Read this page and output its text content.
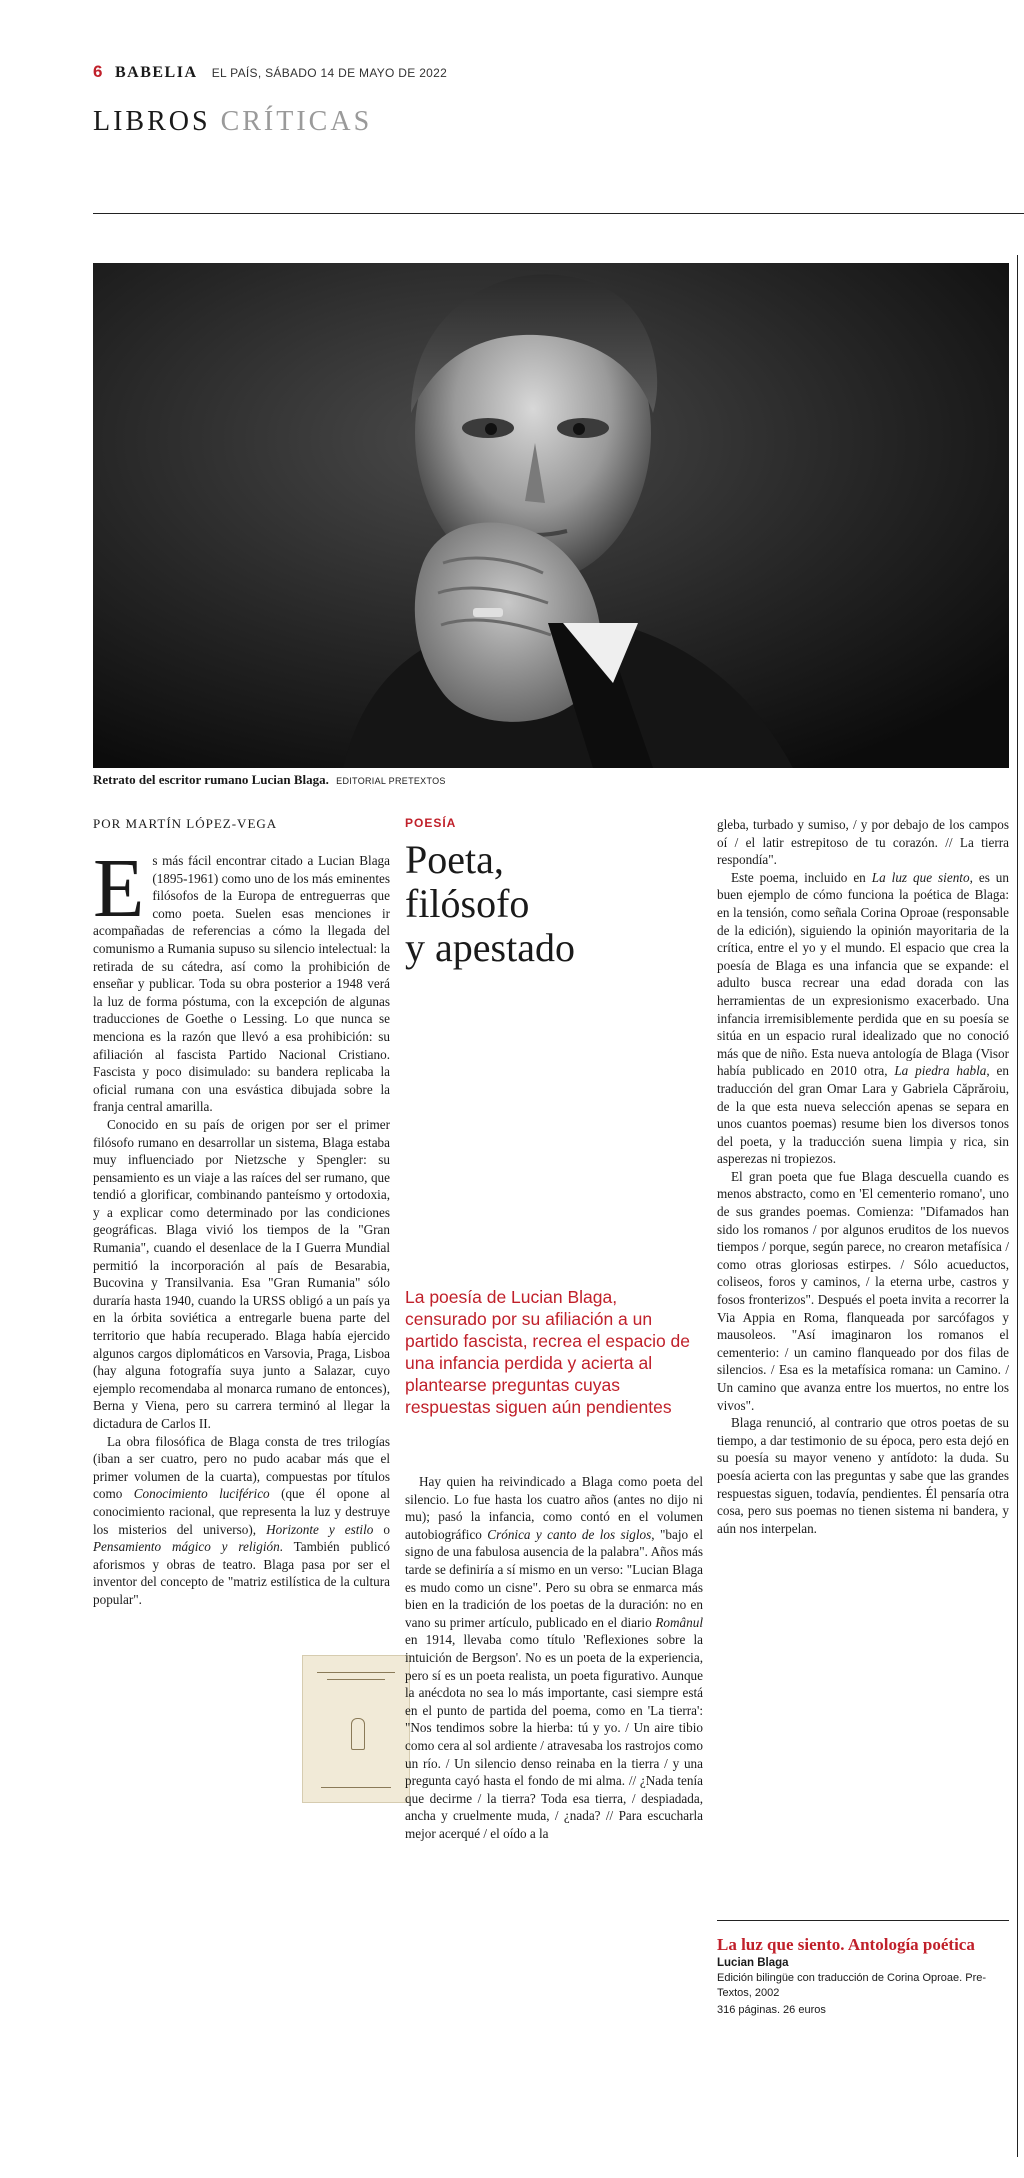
6 BABELIA EL PAÍS, SÁBADO 14 DE MAYO DE 2022
LIBROS CRÍTICAS
Retrato del escritor rumano Lucian Blaga. EDITORIAL PRETEXTOS
POR MARTÍN LÓPEZ-VEGA

Es más fácil encontrar citado a Lucian Blaga (1895-1961) como uno de los más eminentes filósofos de la Europa de entreguerras que como poeta. Suelen esas menciones ir acompañadas de referencias a cómo la llegada del comunismo a Rumania supuso su silencio intelectual: la retirada de su cátedra, así como la prohibición de enseñar y publicar. Toda su obra posterior a 1948 verá la luz de forma póstuma, con la excepción de algunas traducciones de Goethe o Lessing. Lo que nunca se menciona es la razón que llevó a esa prohibición: su afiliación al fascista Partido Nacional Cristiano. Fascista y poco disimulado: su bandera replicaba la oficial rumana con una esvástica dibujada sobre la franja central amarilla.

Conocido en su país de origen por ser el primer filósofo rumano en desarrollar un sistema, Blaga estaba muy influenciado por Nietzsche y Spengler: su pensamiento es un viaje a las raíces del ser rumano, que tendió a glorificar, combinando panteísmo y ortodoxia, y a explicar como determinado por las condiciones geográficas. Blaga vivió los tiempos de la "Gran Rumania", cuando el desenlace de la I Guerra Mundial permitió la incorporación al país de Besarabia, Bucovina y Transilvania. Esa "Gran Rumania" sólo duraría hasta 1940, cuando la URSS obligó a un país ya en la órbita soviética a entregarle buena parte del territorio que había recuperado. Blaga había ejercido algunos cargos diplomáticos en Varsovia, Praga, Lisboa (hay alguna fotografía suya junto a Salazar, cuyo ejemplo recomendaba al monarca rumano de entonces), Berna y Viena, pero su carrera terminó al llegar la dictadura de Carlos II.

La obra filosófica de Blaga consta de tres trilogías (iban a ser cuatro, pero no pudo acabar más que el primer volumen de la cuarta), compuestas por títulos como Conocimiento luciférico (que él opone al conocimiento racional, que representa la luz y destruye los misterios del universo), Horizonte y estilo o Pensamiento mágico y religión. También publicó aforismos y obras de teatro. Blaga pasa por ser el inventor del concepto de "matriz estilística de la cultura popular".

POESÍA
Poeta,
filósofo
y apestado
La poesía de Lucian Blaga, censurado por su afiliación a un partido fascista, recrea el espacio de una infancia perdida y acierta al plantearse preguntas cuyas respuestas siguen aún pendientes

Hay quien ha reivindicado a Blaga como poeta del silencio. Lo fue hasta los cuatro años (antes no dijo ni mu); pasó la infancia, como contó en el volumen autobiográfico Crónica y canto de los siglos, "bajo el signo de una fabulosa ausencia de la palabra". Años más tarde se definiría a sí mismo en un verso: "Lucian Blaga es mudo como un cisne". Pero su obra se enmarca más bien en la tradición de los poetas de la duración: no en vano su primer artículo, publicado en el diario Românul en 1914, llevaba como título 'Reflexiones sobre la intuición de Bergson'. No es un poeta de la experiencia, pero sí es un poeta realista, un poeta figurativo. Aunque la anécdota no sea lo más importante, casi siempre está en el punto de partida del poema, como en 'La tierra': "Nos tendimos sobre la hierba: tú y yo. / Un aire tibio como cera al sol ardiente / atravesaba los rastrojos como un río. / Un silencio denso reinaba en la tierra / y una pregunta cayó hasta el fondo de mi alma. // ¿Nada tenía que decirme / la tierra? Toda esa tierra, / despiadada, ancha y cruelmente muda, / ¿nada? // Para escucharla mejor acerqué / el oído a la

gleba, turbado y sumiso, / y por debajo de los campos oí / el latir estrepitoso de tu corazón. // La tierra respondía".

Este poema, incluido en La luz que siento, es un buen ejemplo de cómo funciona la poética de Blaga: en la tensión, como señala Corina Oproae (responsable de la edición), siguiendo la opinión mayoritaria de la crítica, entre el yo y el mundo. El espacio que crea la poesía de Blaga es una infancia que se expande: el adulto busca recrear una edad dorada con las herramientas de un expresionismo exacerbado. Una infancia irremisiblemente perdida que en su poesía se sitúa en un espacio rural idealizado que no conoció más que de niño. Esta nueva antología de Blaga (Visor había publicado en 2010 otra, La piedra habla, en traducción del gran Omar Lara y Gabriela Căprăroiu, de la que esta nueva selección apenas se separa en unos cuantos poemas) resume bien los diversos tonos del poeta, y la traducción suena limpia y rica, sin asperezas ni tropiezos.

El gran poeta que fue Blaga descuella cuando es menos abstracto, como en 'El cementerio romano', uno de sus grandes poemas. Comienza: "Difamados han sido los romanos / por algunos eruditos de los nuevos tiempos / porque, según parece, no crearon metafísica / como otras gloriosas estirpes. / Sólo acueductos, coliseos, foros y caminos, / la eterna urbe, castros y fosos fronterizos". Después el poeta invita a recorrer la Via Appia en Roma, flanqueada por sarcófagos y mausoleos. "Así imaginaron los romanos el cementerio: / un camino flanqueado por dos filas de silencios. / Esa es la metafísica romana: un Camino. / Un camino que avanza entre los muertos, no entre los vivos".

Blaga renunció, al contrario que otros poetas de su tiempo, a dar testimonio de su época, pero esta dejó en su poesía su mayor veneno y antídoto: la duda. Su poesía acierta con las preguntas y sabe que las grandes respuestas siguen, todavía, pendientes. Él pensaría otra cosa, pero sus poemas no tienen sistema ni bandera, y aún nos interpelan.

La luz que siento. Antología poética
Lucian Blaga
Edición bilingüe con traducción de Corina Oproae. Pre-Textos, 2002
316 páginas. 26 euros
